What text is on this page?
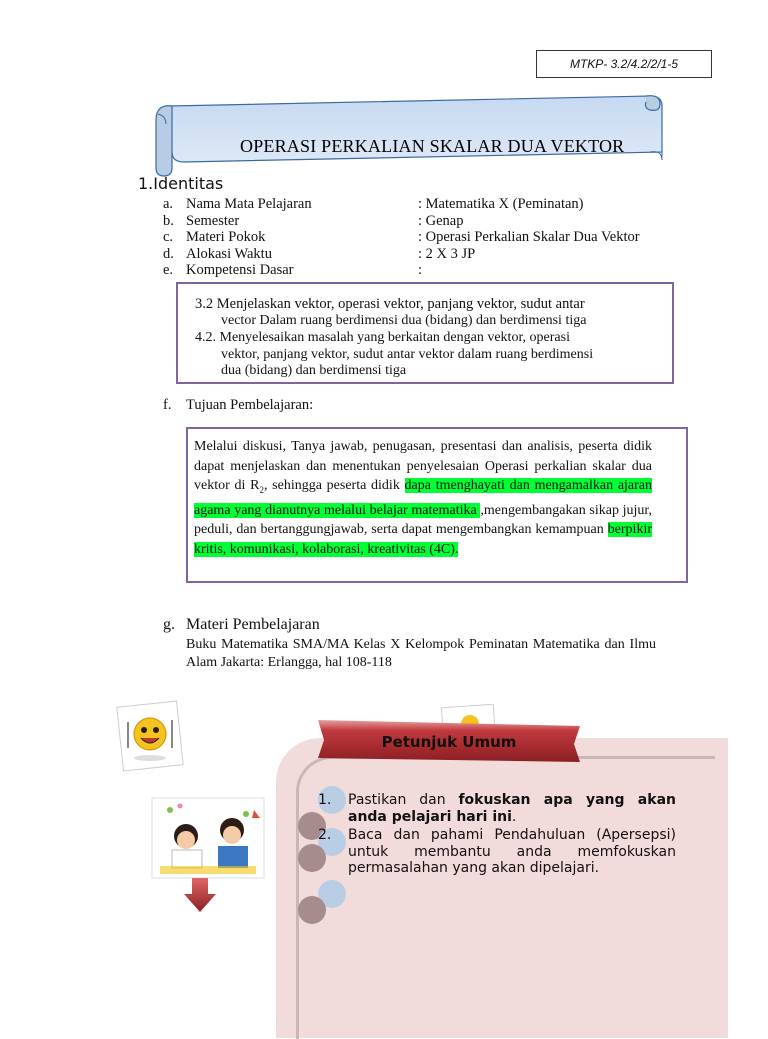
MTKP- 3.2/4.2/2/1-5
OPERASI PERKALIAN SKALAR DUA VEKTOR
1.Identitas
a. Nama Mata Pelajaran	: Matematika X (Peminatan)
b. Semester	: Genap
c. Materi Pokok	: Operasi Perkalian Skalar Dua Vektor
d. Alokasi Waktu	: 2 X 3 JP
e. Kompetensi Dasar	:
3.2 Menjelaskan vektor, operasi vektor, panjang vektor, sudut antar
vector Dalam ruang berdimensi dua (bidang) dan berdimensi tiga
4.2. Menyelesaikan masalah yang berkaitan dengan vektor, operasi
vektor, panjang vektor, sudut antar vektor dalam ruang berdimensi
dua (bidang) dan berdimensi tiga
f. Tujuan Pembelajaran:
Melalui diskusi, Tanya jawab, penugasan, presentasi dan analisis, peserta didik dapat menjelaskan dan menentukan penyelesaian Operasi perkalian skalar dua vektor di $R_2$, sehingga peserta didik dapa tmenghayati dan mengamalkan ajaran agama yang dianutnya melalui belajar matematika ,mengembangakan sikap jujur, peduli, dan bertanggungjawab, serta dapat mengembangkan kemampuan berpikir kritis, komunikasi, kolaborasi, kreativitas (4C).
g. Materi Pembelajaran
Buku Matematika SMA/MA Kelas X Kelompok Peminatan Matematika dan Ilmu Alam Jakarta: Erlangga, hal 108-118
Petunjuk Umum
1.	Pastikan dan fokuskan apa yang akan anda pelajari hari ini.
2.	Baca dan pahami Pendahuluan (Apersepsi) untuk membantu anda memfokuskan permasalahan yang akan dipelajari.
